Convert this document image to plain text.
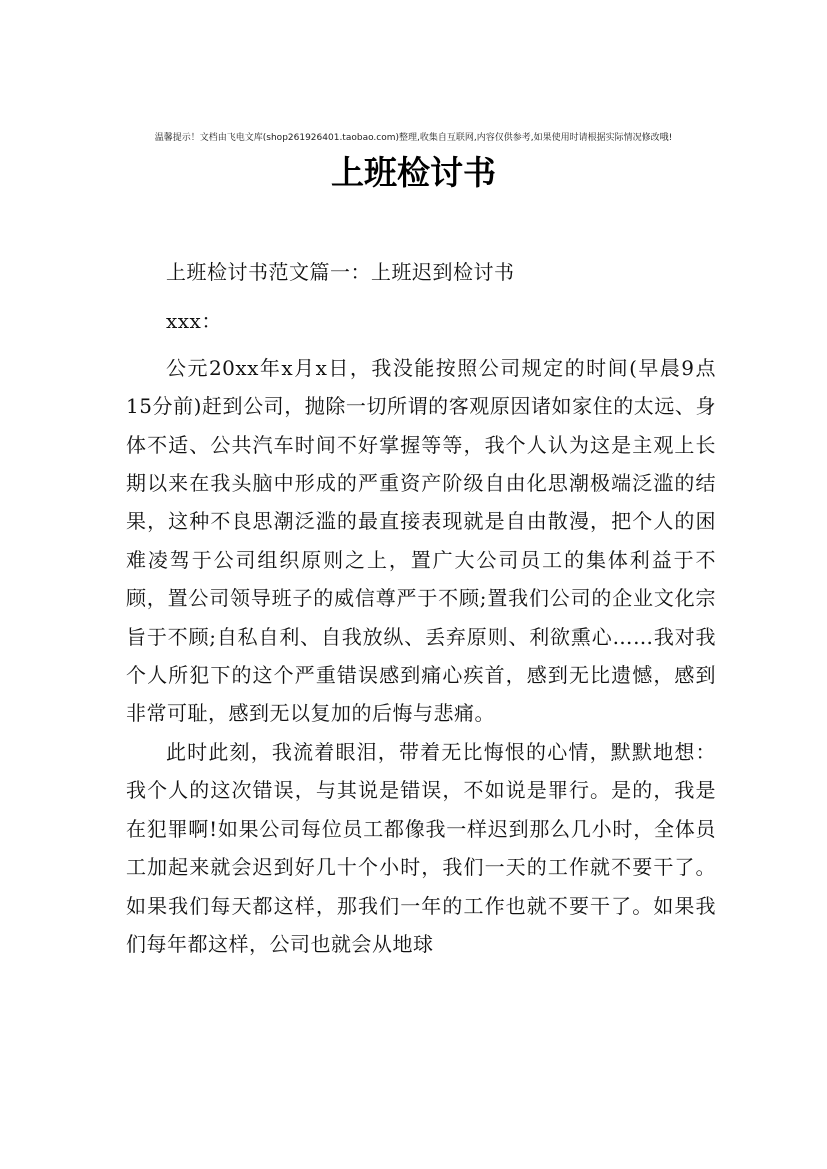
温馨提示！文档由飞电文库(shop261926401.taobao.com)整理,收集自互联网,内容仅供参考,如果使用时请根据实际情况修改哦!
上班检讨书

上班检讨书范文篇一：上班迟到检讨书

xxx：

公元20xx年x月x日，我没能按照公司规定的时间(早晨9点15分前)赶到公司，抛除一切所谓的客观原因诸如家住的太远、身体不适、公共汽车时间不好掌握等等，我个人认为这是主观上长期以来在我头脑中形成的严重资产阶级自由化思潮极端泛滥的结果，这种不良思潮泛滥的最直接表现就是自由散漫，把个人的困难凌驾于公司组织原则之上，置广大公司员工的集体利益于不顾，置公司领导班子的威信尊严于不顾;置我们公司的企业文化宗旨于不顾;自私自利、自我放纵、丢弃原则、利欲熏心……我对我个人所犯下的这个严重错误感到痛心疾首，感到无比遗憾，感到非常可耻，感到无以复加的后悔与悲痛。

此时此刻，我流着眼泪，带着无比悔恨的心情，默默地想：我个人的这次错误，与其说是错误，不如说是罪行。是的，我是在犯罪啊!如果公司每位员工都像我一样迟到那么几小时，全体员工加起来就会迟到好几十个小时，我们一天的工作就不要干了。如果我们每天都这样，那我们一年的工作也就不要干了。如果我们每年都这样，公司也就会从地球
